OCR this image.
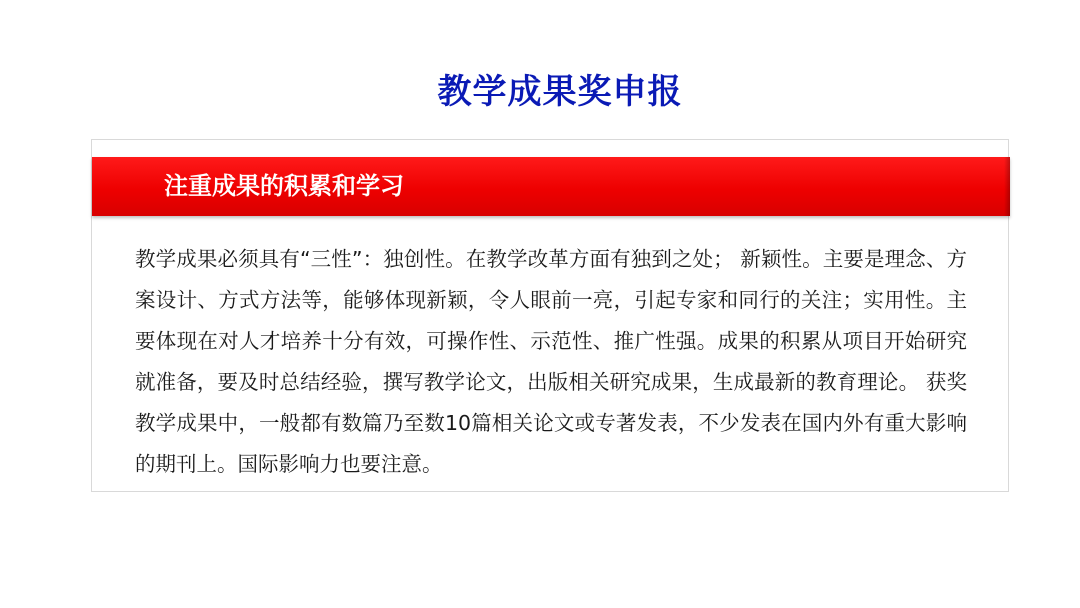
教学成果奖申报
注重成果的积累和学习

教学成果必须具有“三性”：独创性。在教学改革方面有独到之处； 新颖性。主要是理念、方案设计、方式方法等，能够体现新颖，令人眼前一亮，引起专家和同行的关注；实用性。主要体现在对人才培养十分有效，可操作性、示范性、推广性强。成果的积累从项目开始研究就准备，要及时总结经验，撰写教学论文，出版相关研究成果，生成最新的教育理论。 获奖教学成果中，一般都有数篇乃至数10篇相关论文或专著发表，不少发表在国内外有重大影响的期刊上。国际影响力也要注意。
